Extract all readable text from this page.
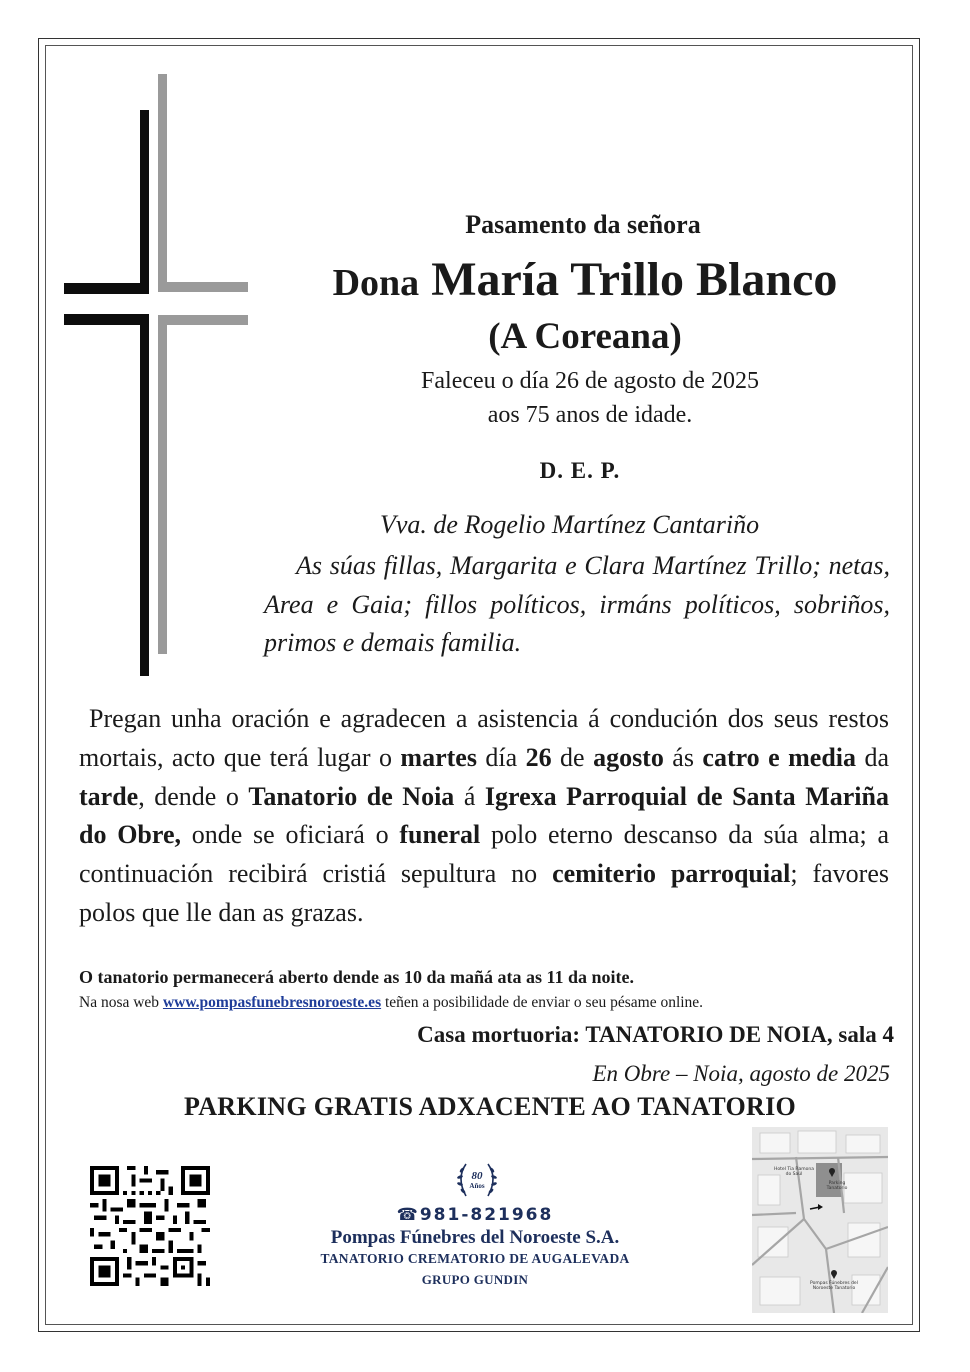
Pasamento da señora
Dona María Trillo Blanco
(A Coreana)
Faleceu o día 26 de agosto de 2025
aos 75 anos de idade.
D. E. P.
Vva. de Rogelio Martínez Cantariño
As súas fillas, Margarita e Clara Martínez Trillo; netas, Area e Gaia; fillos políticos, irmáns políticos, sobriños, primos e demais familia.
Pregan unha oración e agradecen a asistencia á condución dos seus restos mortais, acto que terá lugar o martes día 26 de agosto ás catro e media da tarde, dende o Tanatorio de Noia á Igrexa Parroquial de Santa Mariña do Obre, onde se oficiará o funeral polo eterno descanso da súa alma; a continuación recibirá cristiá sepultura no cemiterio parroquial; favores polos que lle dan as grazas.
O tanatorio permanecerá aberto dende as 10 da mañá ata as 11 da noite.
Na nosa web www.pompasfunebresnoroeste.es teñen a posibilidade de enviar o seu pésame online.
Casa mortuoria: TANATORIO DE NOIA, sala 4
En Obre – Noia, agosto de 2025
PARKING GRATIS ADXACENTE AO TANATORIO
80
Años
☎981-821968
Pompas Fúnebres del Noroeste S.A.
TANATORIO CREMATORIO DE AUGALEVADA
GRUPO GUNDIN
Hotel Tia Ramona do Saúl
Parking Tanatorio
Pompas Fúnebres del Noroeste Tanatorio
